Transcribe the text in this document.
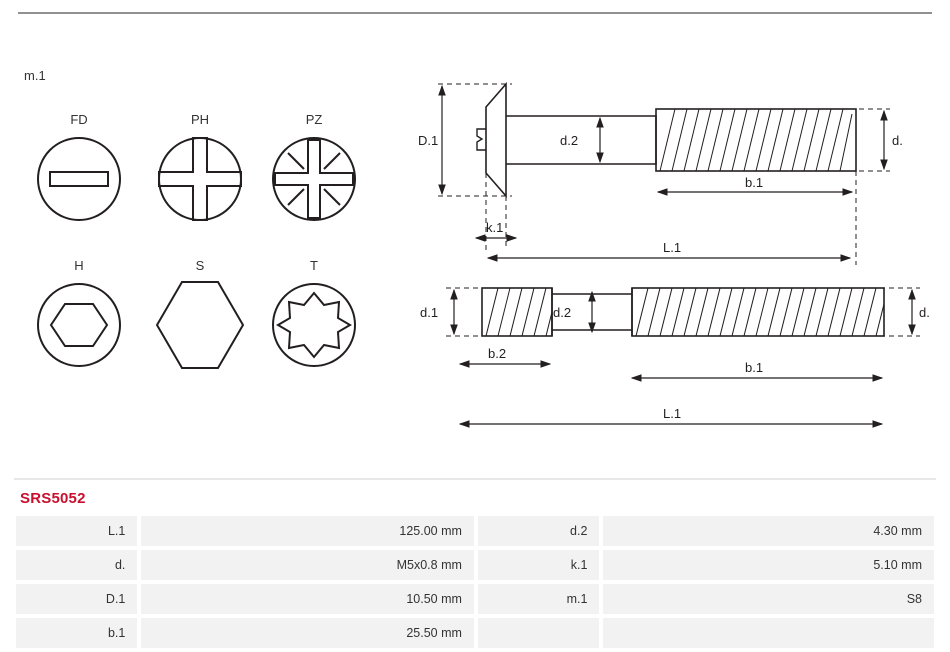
m.1
FD	PH	PZ
H	S	T
D.1	d.2	d.
b.1
k.1
L.1
d.1	d.2	d.
b.2
b.1
L.1
SRS5052
L.1	125.00 mm	d.2	4.30 mm
d.	M5x0.8 mm	k.1	5.10 mm
D.1	10.50 mm	m.1	S8
b.1	25.50 mm		
